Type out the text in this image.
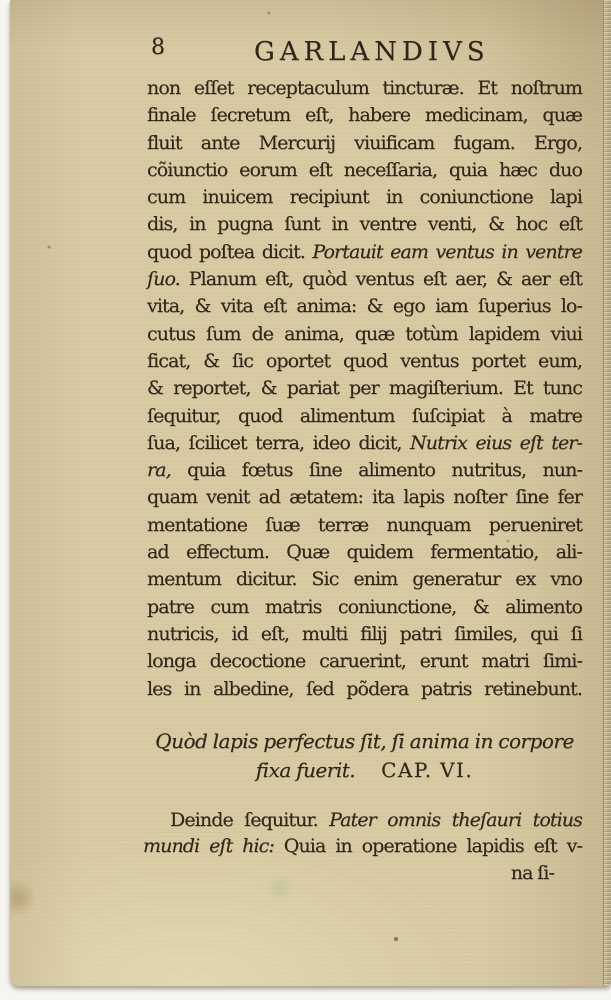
8	GARLANDIVS
non eſſet receptaculum tincturæ. Et noſtrum
finale ſecretum eſt, habere medicinam, quæ
fluit ante Mercurij viuificam fugam. Ergo,
cõiunctio eorum eſt neceſſaria, quia hæc duo
cum inuicem recipiunt in coniunctione lapi
dis, in pugna ſunt in ventre venti, & hoc eſt
quod poſtea dicit. Portauit eam ventus in ventre
ſuo. Planum eſt, quòd ventus eſt aer, & aer eſt
vita, & vita eſt anima: & ego iam ſuperius lo-
cutus ſum de anima, quæ totùm lapidem viui
ficat, & ſic oportet quod ventus portet eum,
& reportet, & pariat per magiſterium. Et tunc
ſequitur, quod alimentum ſuſcipiat à matre
ſua, ſcilicet terra, ideo dicit, Nutrix eius eſt ter-
ra, quia fœtus ſine alimento nutritus, nun-
quam venit ad ætatem: ita lapis noſter ſine fer
mentatione ſuæ terræ nunquam perueniret
ad effectum. Quæ quidem fermentatio, ali-
mentum dicitur. Sic enim generatur ex vno
patre cum matris coniunctione, & alimento
nutricis, id eſt, multi filij patri ſimiles, qui ſi
longa decoctione caruerint, erunt matri ſimi-
les in albedine, ſed põdera patris retinebunt.
Quòd lapis perfectus ſit, ſi anima in corpore
fixa fuerit. CAP. VI.
Deinde ſequitur. Pater omnis theſauri totius
mundi eſt hic: Quia in operatione lapidis eſt v-
na ſi-
